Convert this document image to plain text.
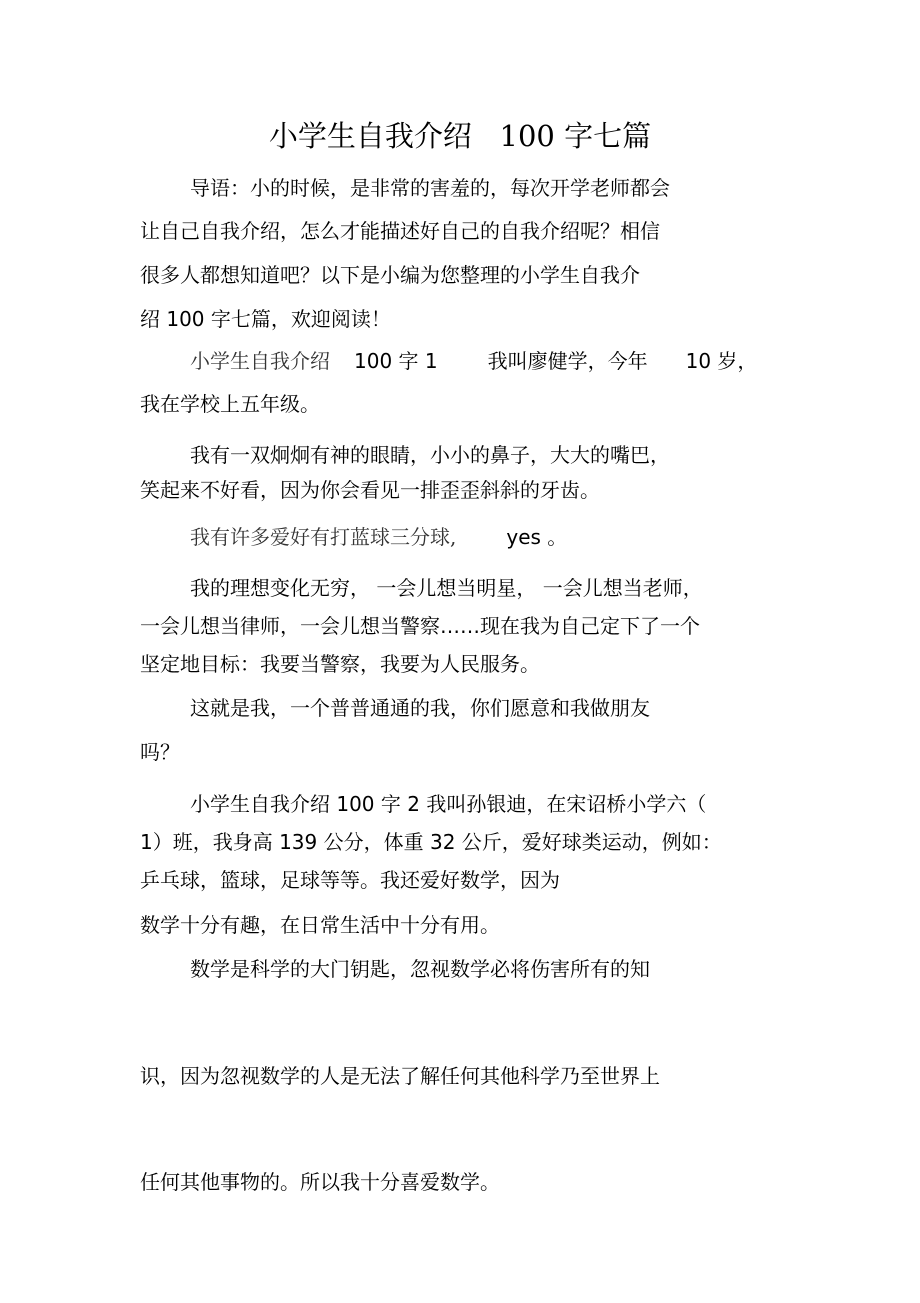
小学生自我介绍   100 字七篇
导语：小的时候，是非常的害羞的，每次开学老师都会
让自己自我介绍，怎么才能描述好自己的自我介绍呢？相信
很多人都想知道吧？以下是小编为您整理的小学生自我介
绍 100 字七篇，欢迎阅读！
小学生自我介绍 100 字 1	我叫廖健学，今年 10 岁，
我在学校上五年级。
我有一双炯炯有神的眼睛，小小的鼻子，大大的嘴巴，
笑起来不好看，因为你会看见一排歪歪斜斜的牙齿。
我有许多爱好有打蓝球三分球,	yes 。
我的理想变化无穷， 一会儿想当明星， 一会儿想当老师，
一会儿想当律师，一会儿想当警察……现在我为自己定下了一个
坚定地目标：我要当警察，我要为人民服务。
这就是我，一个普普通通的我，你们愿意和我做朋友
吗？
小学生自我介绍 100 字 2 我叫孙银迪，在宋诏桥小学六（
1）班，我身高 139 公分，体重 32 公斤，爱好球类运动，例如：
乒乓球，篮球，足球等等。我还爱好数学，因为
数学十分有趣，在日常生活中十分有用。
数学是科学的大门钥匙，忽视数学必将伤害所有的知
识，因为忽视数学的人是无法了解任何其他科学乃至世界上
任何其他事物的。所以我十分喜爱数学。
